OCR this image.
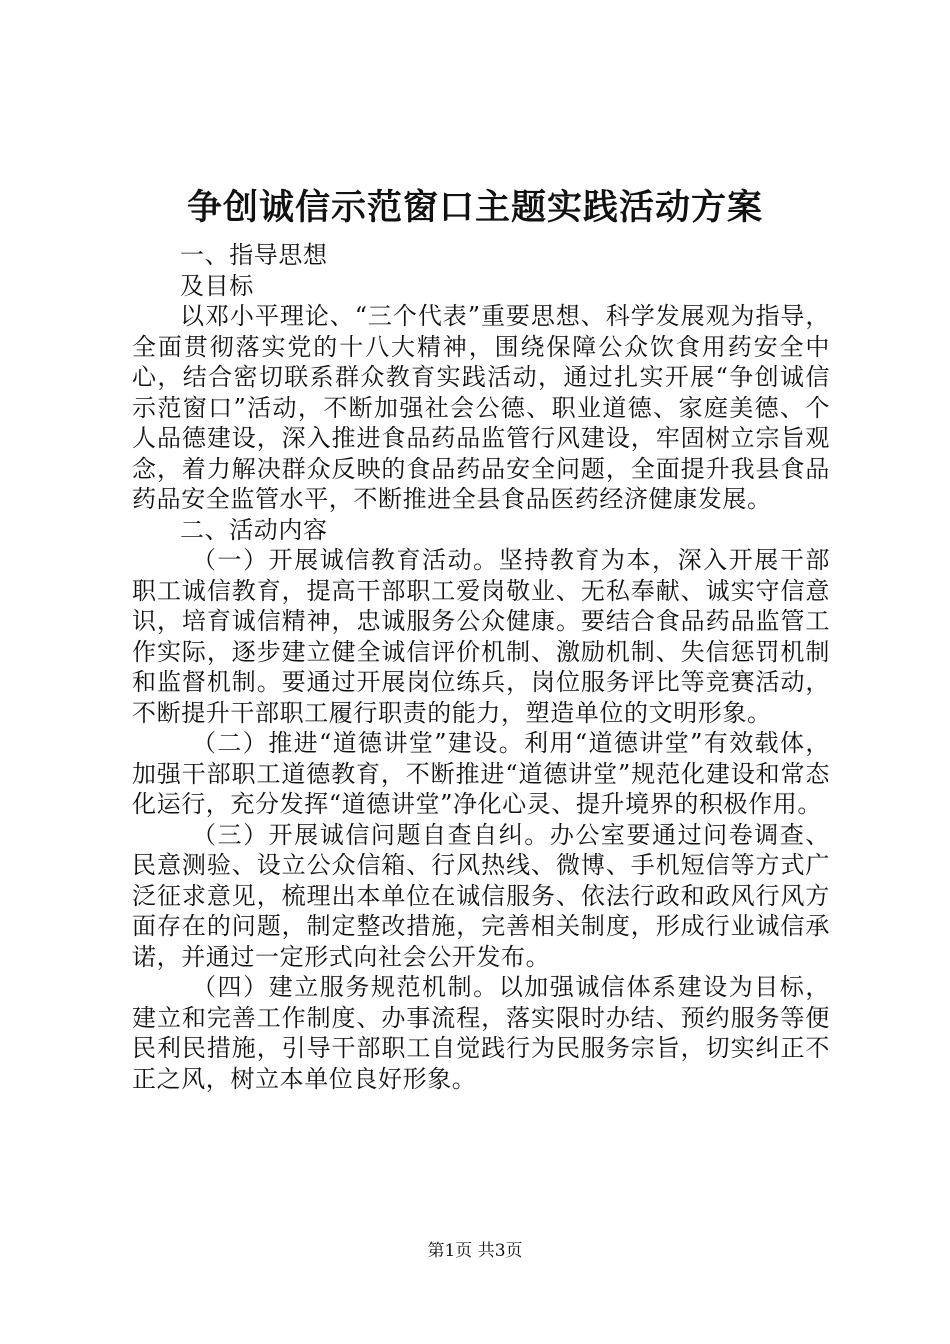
争创诚信示范窗口主题实践活动方案

一、指导思想

及目标

以邓小平理论、“三个代表”重要思想、科学发展观为指导，全面贯彻落实党的十八大精神，围绕保障公众饮食用药安全中心，结合密切联系群众教育实践活动，通过扎实开展“争创诚信示范窗口”活动，不断加强社会公德、职业道德、家庭美德、个人品德建设，深入推进食品药品监管行风建设，牢固树立宗旨观念，着力解决群众反映的食品药品安全问题，全面提升我县食品药品安全监管水平，不断推进全县食品医药经济健康发展。

二、活动内容

（一）开展诚信教育活动。坚持教育为本，深入开展干部职工诚信教育，提高干部职工爱岗敬业、无私奉献、诚实守信意识，培育诚信精神，忠诚服务公众健康。要结合食品药品监管工作实际，逐步建立健全诚信评价机制、激励机制、失信惩罚机制和监督机制。要通过开展岗位练兵，岗位服务评比等竞赛活动，不断提升干部职工履行职责的能力，塑造单位的文明形象。

（二）推进“道德讲堂”建设。利用“道德讲堂”有效载体，加强干部职工道德教育，不断推进“道德讲堂”规范化建设和常态化运行，充分发挥“道德讲堂”净化心灵、提升境界的积极作用。

（三）开展诚信问题自查自纠。办公室要通过问卷调查、民意测验、设立公众信箱、行风热线、微博、手机短信等方式广泛征求意见，梳理出本单位在诚信服务、依法行政和政风行风方面存在的问题，制定整改措施，完善相关制度，形成行业诚信承诺，并通过一定形式向社会公开发布。

（四）建立服务规范机制。以加强诚信体系建设为目标，建立和完善工作制度、办事流程，落实限时办结、预约服务等便民利民措施，引导干部职工自觉践行为民服务宗旨，切实纠正不正之风，树立本单位良好形象。

第1页 共3页
